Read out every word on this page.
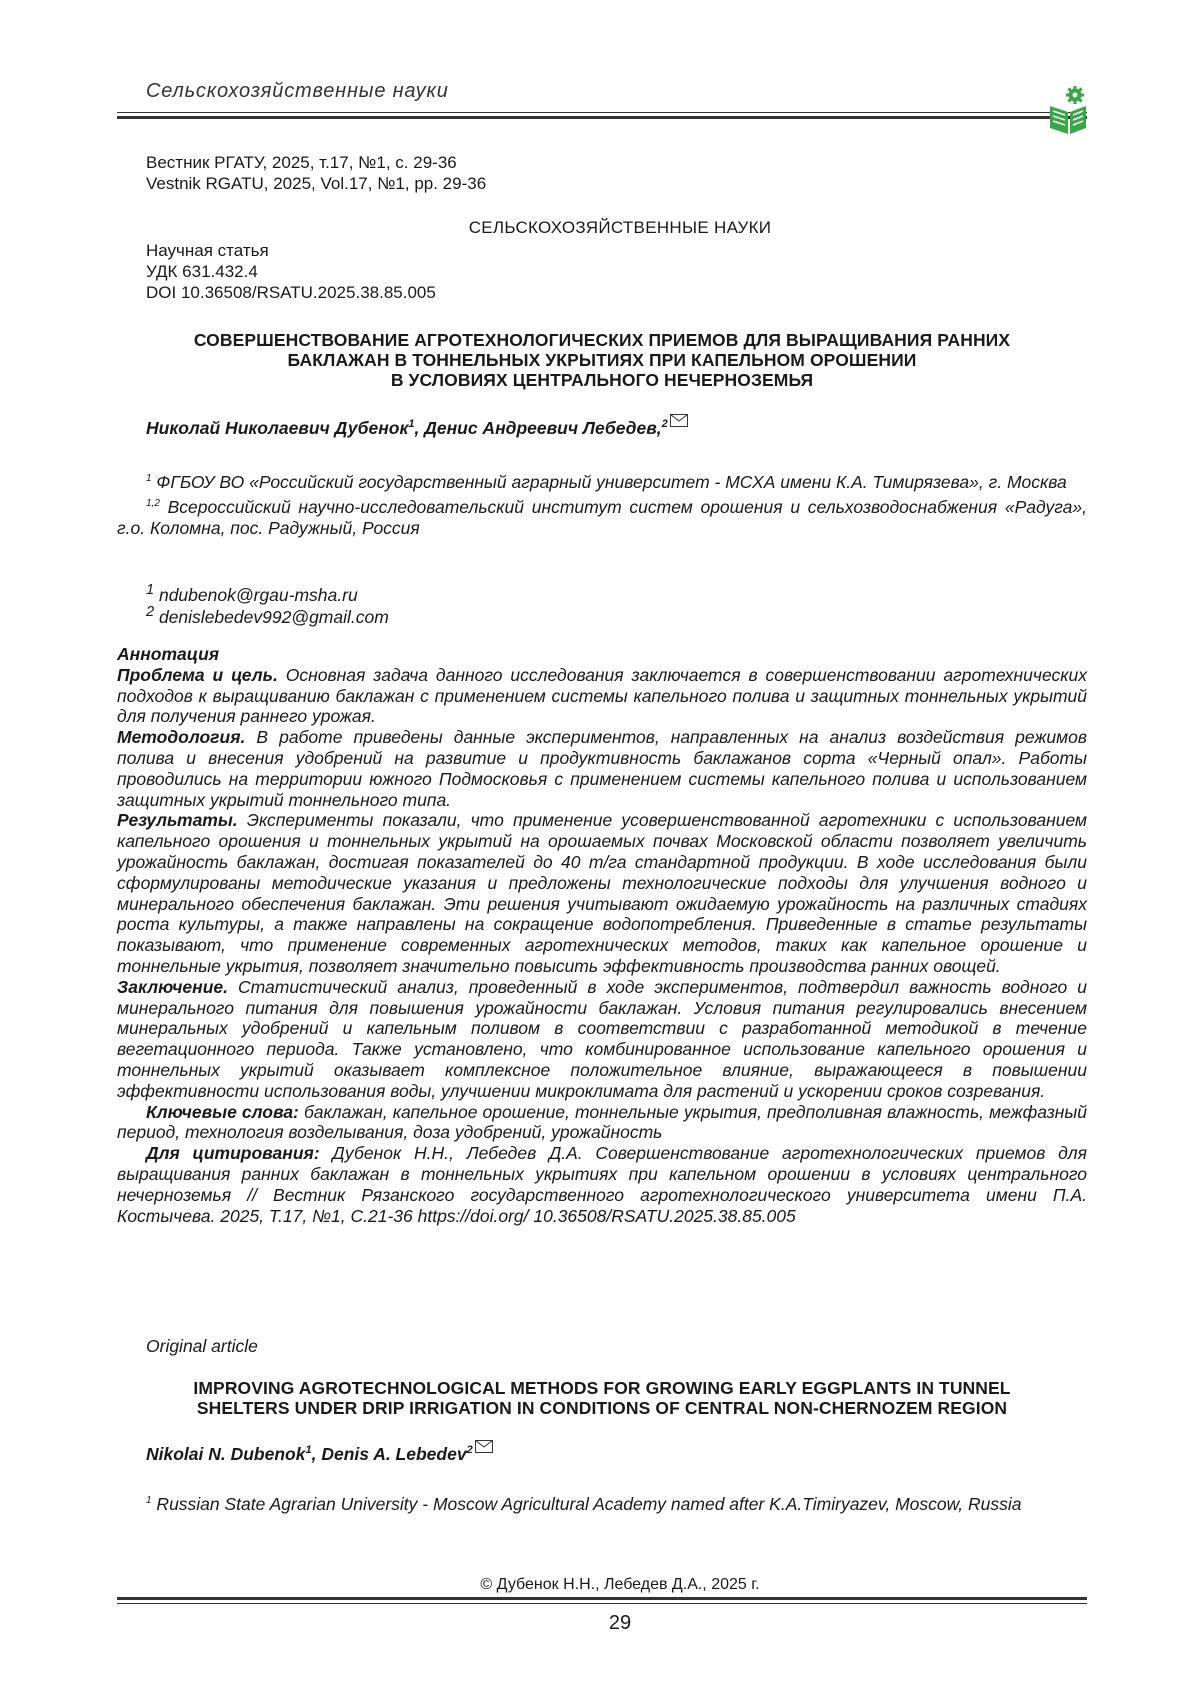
Сельскохозяйственные науки
Вестник РГАТУ, 2025, т.17, №1, с. 29-36
Vestnik RGATU, 2025, Vol.17, №1, pp. 29-36
СЕЛЬСКОХОЗЯЙСТВЕННЫЕ НАУКИ
Научная статья
УДК 631.432.4
DOI 10.36508/RSATU.2025.38.85.005
СОВЕРШЕНСТВОВАНИЕ АГРОТЕХНОЛОГИЧЕСКИХ ПРИЕМОВ ДЛЯ ВЫРАЩИВАНИЯ РАННИХ
БАКЛАЖАН В ТОННЕЛЬНЫХ УКРЫТИЯХ ПРИ КАПЕЛЬНОМ ОРОШЕНИИ
В УСЛОВИЯХ ЦЕНТРАЛЬНОГО НЕЧЕРНОЗЕМЬЯ
Николай Николаевич Дубенок$^1$, Денис Андреевич Лебедев,$^2$

$^1$ ФГБОУ ВО «Российский государственный аграрный университет - МСХА имени К.А. Тимирязева», г. Москва

$^{1,2}$ Всероссийский научно-исследовательский институт систем орошения и сельхозводоснабжения «Радуга», г.о. Коломна, пос. Радужный, Россия

$^1$ ndubenok@rgau-msha.ru
$^2$ denislebedev992@gmail.com

Аннотация

Проблема и цель. Основная задача данного исследования заключается в совершенствовании агротехнических подходов к выращиванию баклажан с применением системы капельного полива и защитных тоннельных укрытий для получения раннего урожая.

Методология. В работе приведены данные экспериментов, направленных на анализ воздействия режимов полива и внесения удобрений на развитие и продуктивность баклажанов сорта «Черный опал». Работы проводились на территории южного Подмосковья с применением системы капельного полива и использованием защитных укрытий тоннельного типа.

Результаты. Эксперименты показали, что применение усовершенствованной агротехники с использованием капельного орошения и тоннельных укрытий на орошаемых почвах Московской области позволяет увеличить урожайность баклажан, достигая показателей до 40 т/га стандартной продукции. В ходе исследования были сформулированы методические указания и предложены технологические подходы для улучшения водного и минерального обеспечения баклажан. Эти решения учитывают ожидаемую урожайность на различных стадиях роста культуры, а также направлены на сокращение водопотребления. Приведенные в статье результаты показывают, что применение современных агротехнических методов, таких как капельное орошение и тоннельные укрытия, позволяет значительно повысить эффективность производства ранних овощей.

Заключение. Статистический анализ, проведенный в ходе экспериментов, подтвердил важность водного и минерального питания для повышения урожайности баклажан. Условия питания регулировались внесением минеральных удобрений и капельным поливом в соответствии с разработанной методикой в течение вегетационного периода. Также установлено, что комбинированное использование капельного орошения и тоннельных укрытий оказывает комплексное положительное влияние, выражающееся в повышении эффективности использования воды, улучшении микроклимата для растений и ускорении сроков созревания.

Ключевые слова: баклажан, капельное орошение, тоннельные укрытия, предполивная влажность, межфазный период, технология возделывания, доза удобрений, урожайность

Для цитирования: Дубенок Н.Н., Лебедев Д.А. Совершенствование агротехнологических приемов для выращивания ранних баклажан в тоннельных укрытиях при капельном орошении в условиях центрального нечерноземья // Вестник Рязанского государственного агротехнологического университета имени П.А. Костычева. 2025, Т.17, №1, С.21-36 https://doi.org/ 10.36508/RSATU.2025.38.85.005

Original article
IMPROVING AGROTECHNOLOGICAL METHODS FOR GROWING EARLY EGGPLANTS IN TUNNEL
SHELTERS UNDER DRIP IRRIGATION IN CONDITIONS OF CENTRAL NON-CHERNOZEM REGION
Nikolai N. Dubenok$^1$, Denis A. Lebedev$^2$

$^1$ Russian State Agrarian University - Moscow Agricultural Academy named after K.A.Timiryazev, Moscow, Russia

© Дубенок Н.Н., Лебедев Д.А., 2025 г.
29
